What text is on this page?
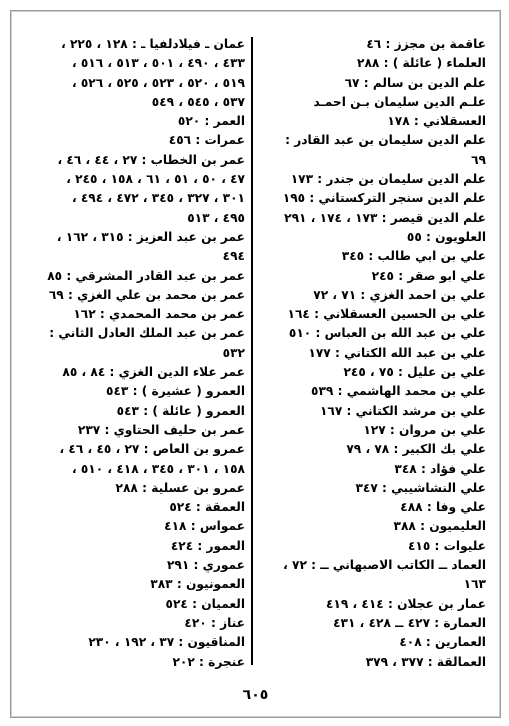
عاقمة بن مجزز : ٤٦
العلماء ( عائلة ) : ٢٨٨
علم الدين بن سالم : ٦٧
علـم الدين سليمان بـن احمـد
العسقلاني : ١٧٨
علم الدين سليمان بن عبد القادر :
٦٩
علم الدين سليمان بن جندر : ١٧٣
علم الدين سنجر التركستاني : ١٩٥
علم الدين قيصر : ١٧٣ ، ١٧٤ ، ٢٩١
العلويون : ٥٥
علي بن ابي طالب : ٣٤٥
علي ابو صقر : ٢٤٥
علي بن احمد الغزي : ٧١ ، ٧٢
علي بن الحسين العسقلاني : ١٦٤
علي بن عبد الله بن العباس : ٥١٠
علي بن عبد الله الكتاني : ١٧٧
علي بن عليل : ٧٥ ، ٢٤٥
علي بن محمد الهاشمي : ٥٣٩
علي بن مرشد الكتاني : ١٦٧
علي بن مروان : ١٢٧
علي بك الكبير : ٧٨ ، ٧٩
علي فؤاد : ٣٤٨
علي النشاشيبي : ٣٤٧
علي وفا : ٤٨٨
العليميون : ٣٨٨
عليوات : ٤١٥
العماد ــ الكاتب الاصبهاني ــ : ٧٢ ،
١٦٣
عمار بن عجلان : ٤١٤ ، ٤١٩
العمارة : ٤٢٧ ــ ٤٢٨ ، ٤٣١
العمارين : ٤٠٨
العمالقة : ٣٧٧ ، ٣٧٩
عمان ـ فيلادلفيا ـ : ١٢٨ ، ٢٢٥ ،
٤٣٣ ، ٤٩٠ ، ٥٠١ ، ٥١٣ ، ٥١٦ ،
٥١٩ ، ٥٢٠ ، ٥٢٣ ، ٥٢٥ ، ٥٢٦ ،
٥٣٧ ، ٥٤٥ ، ٥٤٩
العمر : ٥٢٠
عمرات : ٤٥٦
عمر بن الخطاب : ٢٧ ، ٤٤ ، ٤٦ ،
٤٧ ، ٥٠ ، ٥١ ، ٦١ ، ١٥٨ ، ٢٤٥ ،
٣٠١ ، ٣٢٧ ، ٣٤٥ ، ٤٧٢ ، ٤٩٤ ،
٤٩٥ ، ٥١٣
عمر بن عبد العزيز : ٣١٥ ، ١٦٢ ،
٤٩٤
عمر بن عبد القادر المشرقي : ٨٥
عمر بن محمد بن علي الغزي : ٦٩
عمر بن محمد المحمدي : ١٦٢
عمر بن عبد الملك العادل الثاني :
٥٣٢
عمر علاء الدين الغزي : ٨٤ ، ٨٥
العمرو ( عشيرة ) : ٥٤٣
العمرو ( عائلة ) : ٥٤٣
عمر بن حليف الحتاوي : ٢٣٧
عمرو بن العاص : ٢٧ ، ٤٥ ، ٤٦ ،
١٥٨ ، ٣٠١ ، ٣٤٥ ، ٤١٨ ، ٥١٠ ،
عمرو بن عسلية : ٢٨٨
العمقة : ٥٢٤
عمواس : ٤١٨
العمور : ٤٢٤
عموري : ٢٩١
العمونيون : ٣٨٣
العميان : ٥٢٤
عناز : ٤٢٠
المناقيون : ٣٧ ، ١٩٢ ، ٢٣٠
عنجرة : ٢٠٢
٦٠٥
